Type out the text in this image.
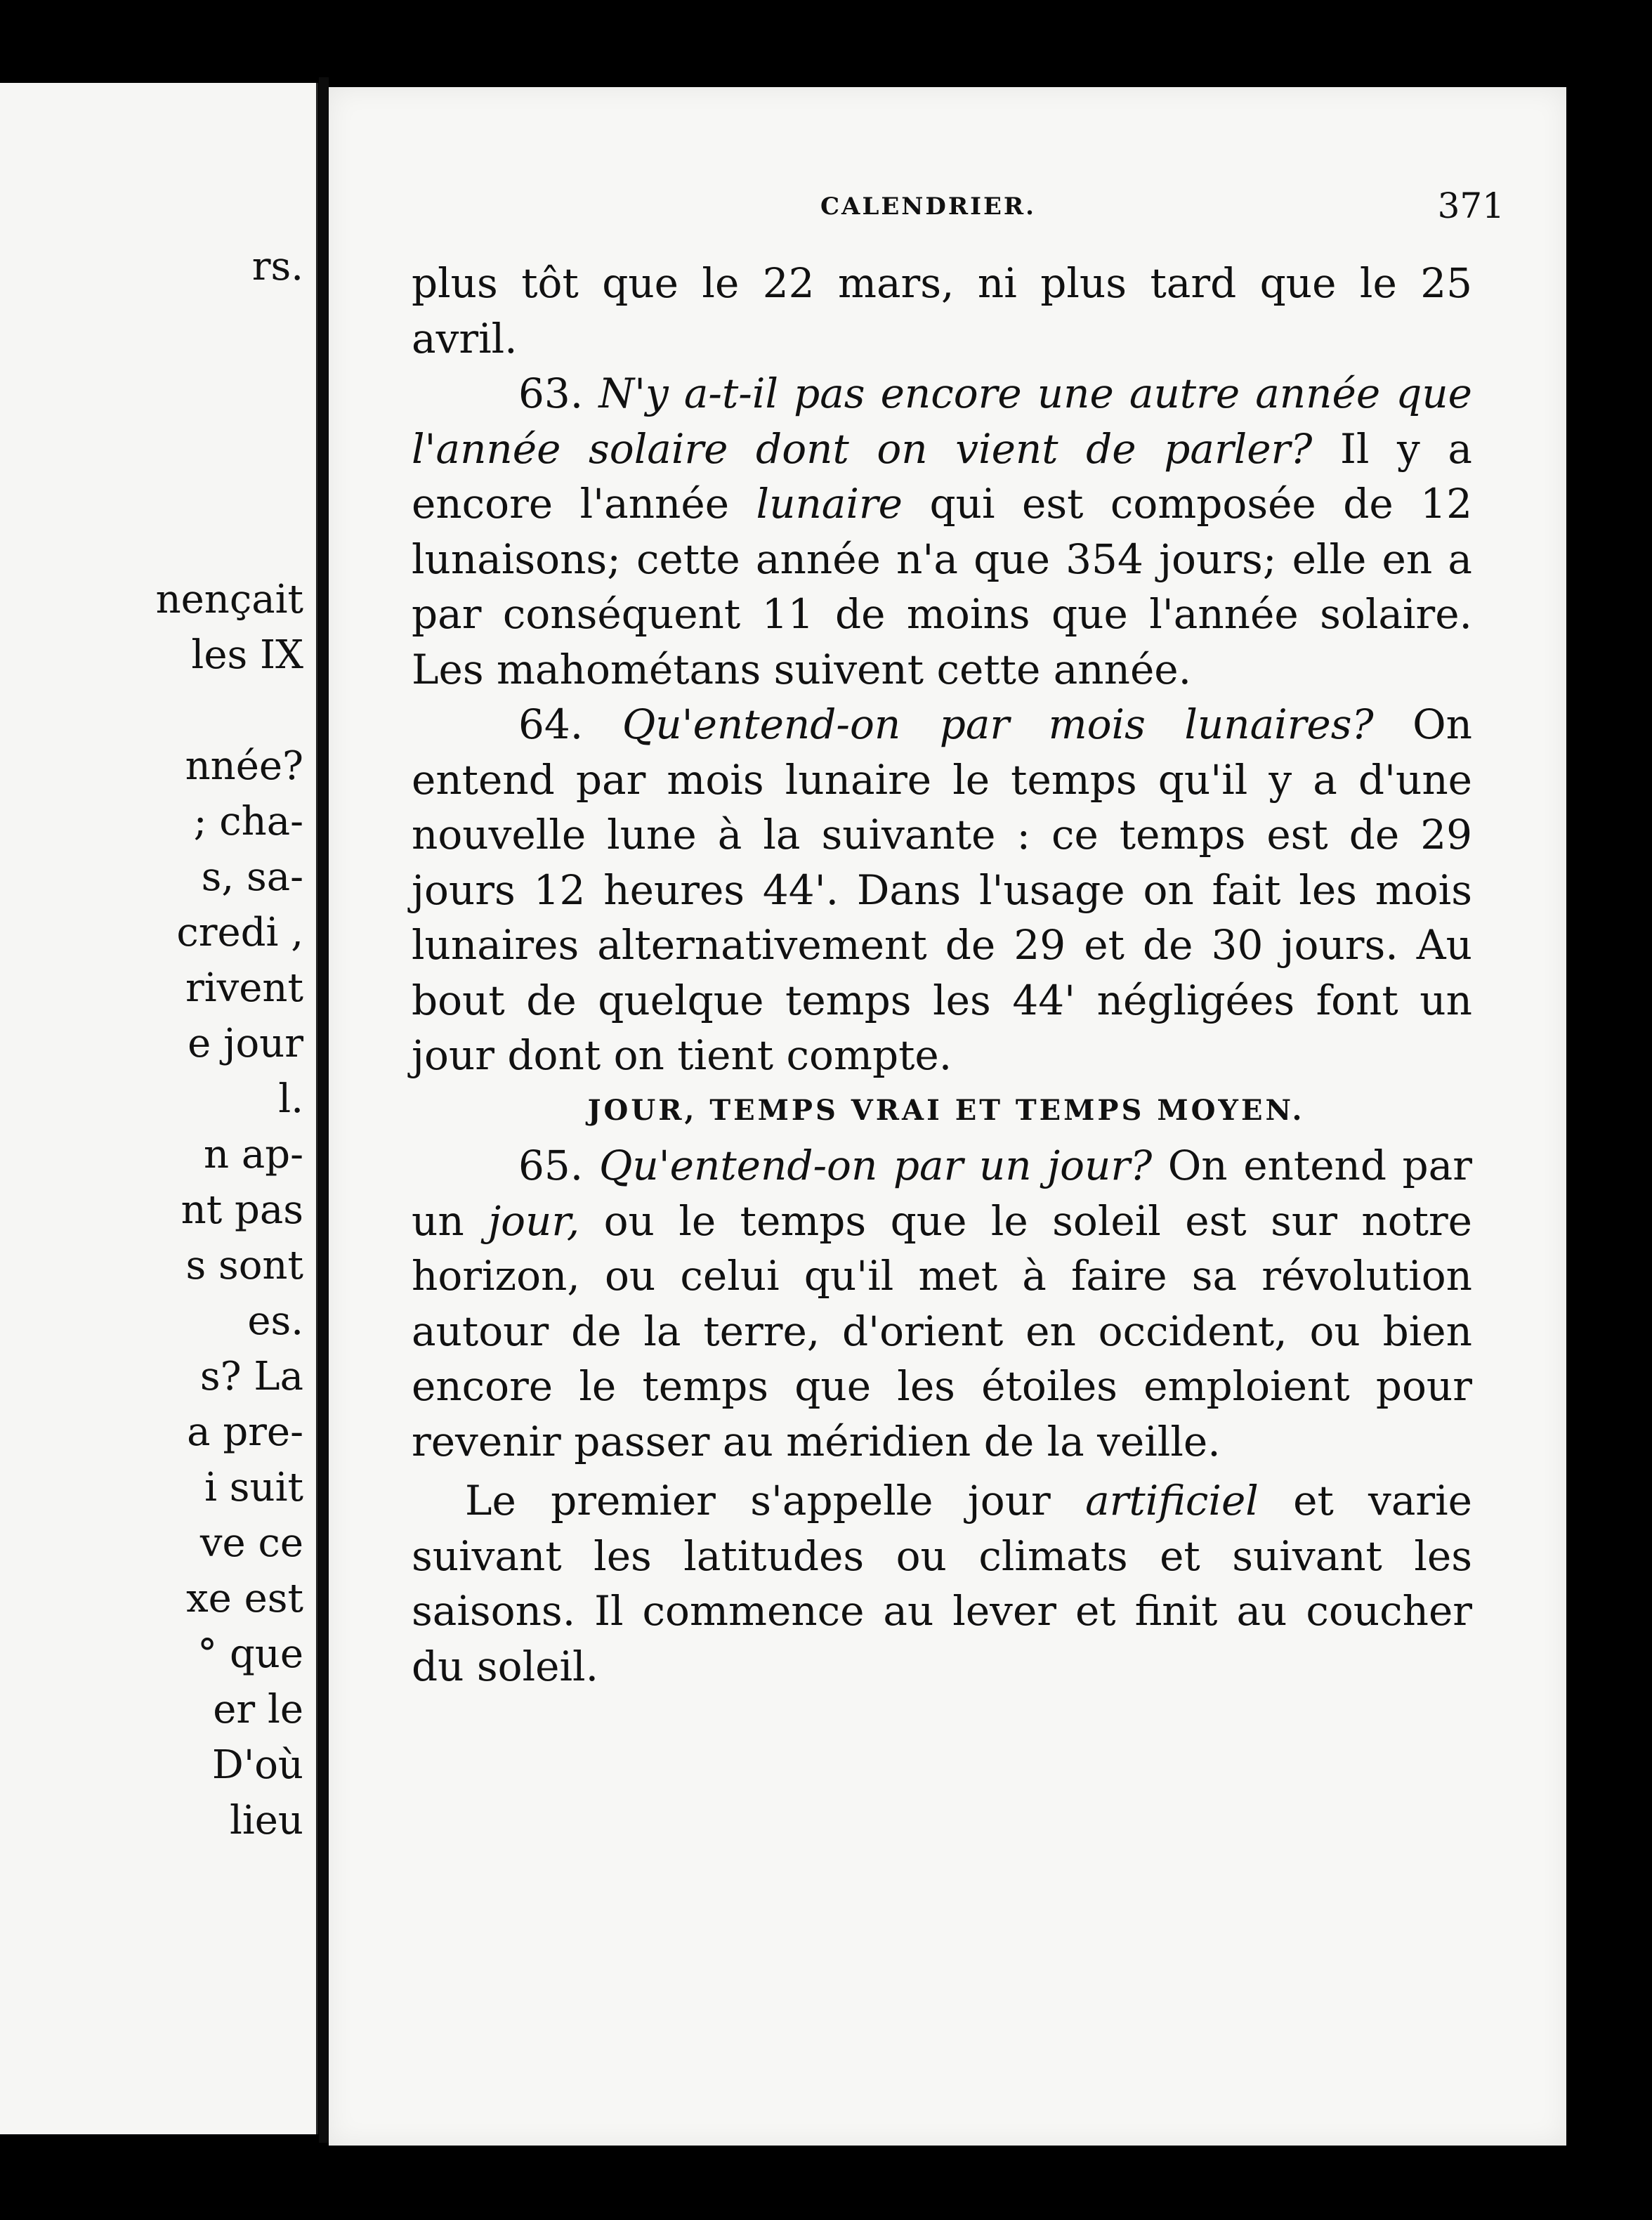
rs.
nençait
les IX
nnée?
; cha-
s, sa-
credi ,
rivent
e jour
l.
n ap-
nt pas
s sont
es.
s? La
a pre-
i suit
ve ce
xe est
° que
er le
D'où
lieu
CALENDRIER.	371

plus tôt que le 22 mars, ni plus tard que le 25 avril.

63. N'y a-t-il pas encore une autre année que l'année solaire dont on vient de parler? Il y a encore l'année lunaire qui est composée de 12 lunaisons; cette année n'a que 354 jours; elle en a par conséquent 11 de moins que l'année solaire. Les mahométans suivent cette année.

64. Qu'entend-on par mois lunaires? On entend par mois lunaire le temps qu'il y a d'une nouvelle lune à la suivante : ce temps est de 29 jours 12 heures 44'. Dans l'usage on fait les mois lunaires alternativement de 29 et de 30 jours. Au bout de quelque temps les 44' négligées font un jour dont on tient compte.

JOUR, TEMPS VRAI ET TEMPS MOYEN.

65. Qu'entend-on par un jour? On entend par un jour, ou le temps que le soleil est sur notre horizon, ou celui qu'il met à faire sa révolution autour de la terre, d'orient en occident, ou bien encore le temps que les étoiles emploient pour revenir passer au méridien de la veille.

Le premier s'appelle jour artificiel et varie suivant les latitudes ou climats et suivant les saisons. Il commence au lever et finit au coucher du soleil.
